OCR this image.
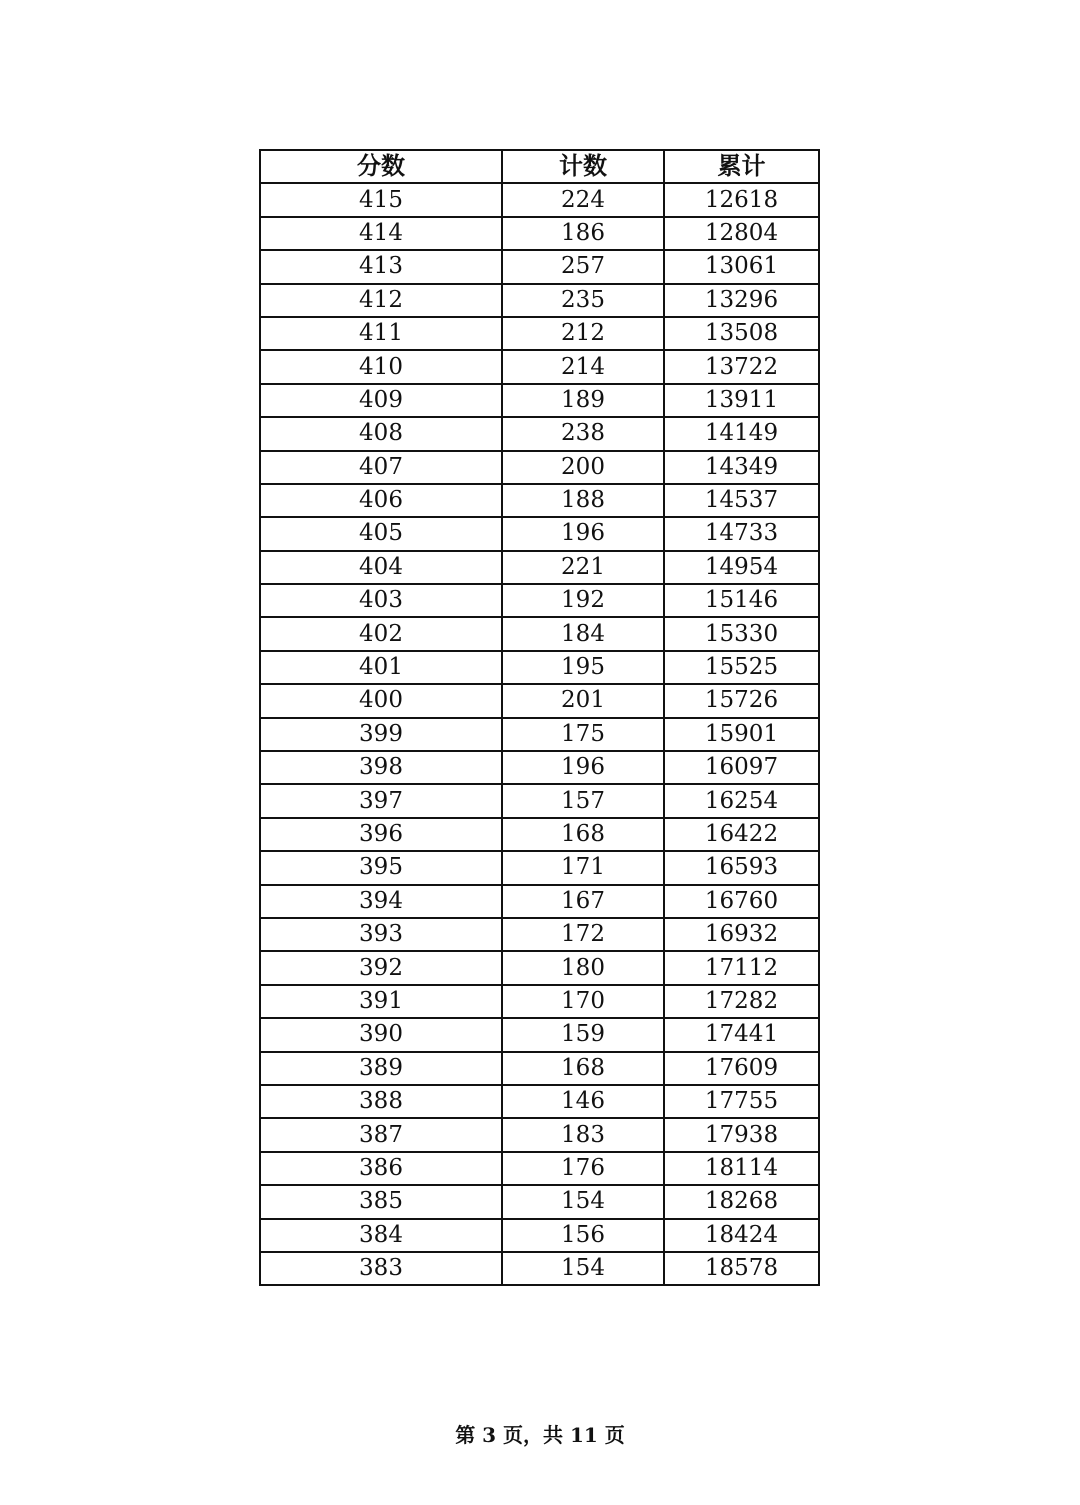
分数	计数	累计
415	224	12618
414	186	12804
413	257	13061
412	235	13296
411	212	13508
410	214	13722
409	189	13911
408	238	14149
407	200	14349
406	188	14537
405	196	14733
404	221	14954
403	192	15146
402	184	15330
401	195	15525
400	201	15726
399	175	15901
398	196	16097
397	157	16254
396	168	16422
395	171	16593
394	167	16760
393	172	16932
392	180	17112
391	170	17282
390	159	17441
389	168	17609
388	146	17755
387	183	17938
386	176	18114
385	154	18268
384	156	18424
383	154	18578
第 3 页，共 11 页
